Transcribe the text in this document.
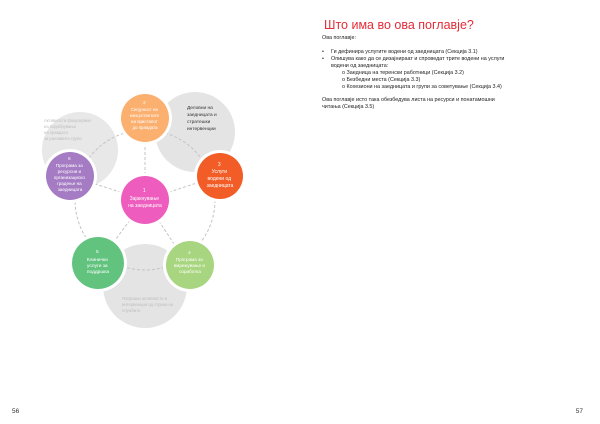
Активности фокусирани на подобрување на правдата за ранливите групи
Деловни на заедницата и стратешки интервенции
Поврзани активности и интервенции од страна на службите
2 Сигурност на консултантите на пристапот до правдата
3 Услуги водени од заедницата
6 Програма за ресурсни и организациско градење на заедницата	1 Зајакнување на заедницата
5 Клинички услуги за поддршка
4 Програма за вмрежување и соработка
56
Што има во ова поглавје?

Ова поглавје:

• Ги дефинира услугите водени од заедницата (Секција 3.1)
• Опишува како да се дизајнираат и спроведат трите водени на услуги водени од заедницата:
o Заедница на теренски работници (Секција 3.2)
o Безбедни места (Секција 3.3)
o Кохезиони на заедницата и групи за советување (Секција 3.4)

Ова поглавје исто така обезбедува листа на ресурси и понатамошни читања (Секција 3.5)

57
